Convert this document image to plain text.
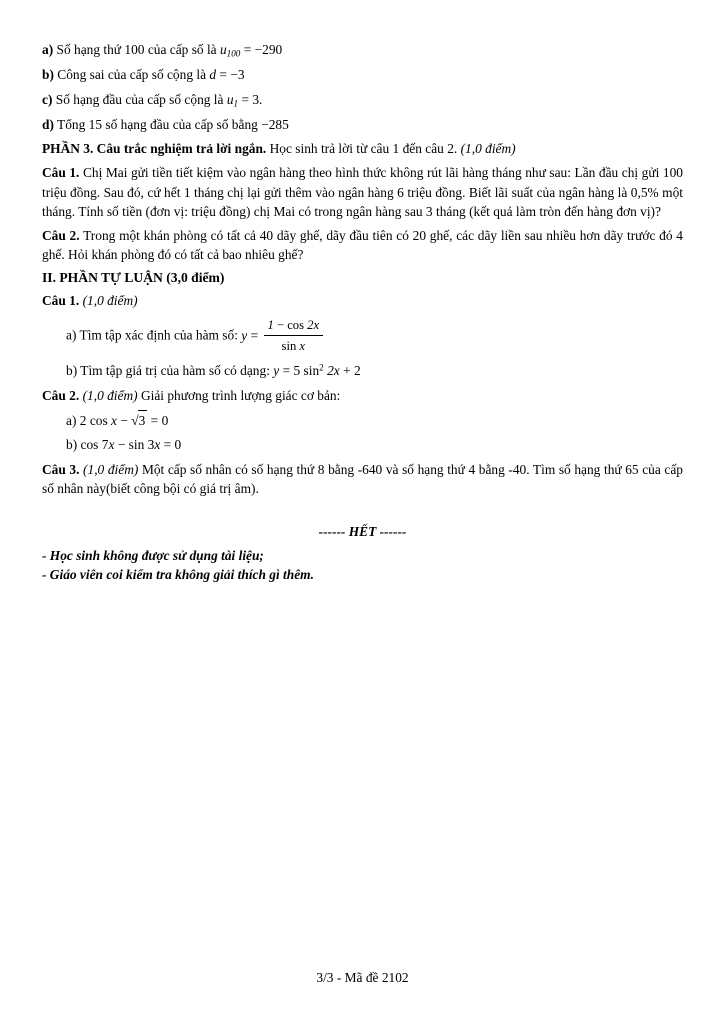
a) Số hạng thứ 100 của cấp số là $u_{100} = -290$

b) Công sai của cấp số cộng là d = −3

c) Số hạng đầu của cấp số cộng là $u_1 = 3$.

d) Tổng 15 số hạng đầu của cấp số bằng −285

PHẦN 3. Câu trắc nghiệm trả lời ngắn. Học sinh trả lời từ câu 1 đến câu 2. (1,0 điểm)

Câu 1. Chị Mai gửi tiền tiết kiệm vào ngân hàng theo hình thức không rút lãi hàng tháng như sau: Lần đầu chị gửi 100 triệu đồng. Sau đó, cứ hết 1 tháng chị lại gửi thêm vào ngân hàng 6 triệu đồng. Biết lãi suất của ngân hàng là 0,5% một tháng. Tính số tiền (đơn vị: triệu đồng) chị Mai có trong ngân hàng sau 3 tháng (kết quả làm tròn đến hàng đơn vị)?

Câu 2. Trong một khán phòng có tất cả 40 dãy ghế, dãy đầu tiên có 20 ghế, các dãy liền sau nhiều hơn dãy trước đó 4 ghế. Hỏi khán phòng đó có tất cả bao nhiêu ghế?

II. PHẦN TỰ LUẬN (3,0 điểm)

Câu 1. (1,0 điểm)

a) Tìm tập xác định của hàm số: $y = \frac{1 - \cos 2x}{\text{sin x}}$

b) Tìm tập giá trị của hàm số có dạng: y = 5 $\sin^2 2x + 2$

Câu 2. (1,0 điểm) Giải phương trình lượng giác cơ bản:

a) 2 cos x − √3 = 0

b) cos 7x − sin 3x = 0

Câu 3. (1,0 điểm) Một cấp số nhân có số hạng thứ 8 bằng -640 và số hạng thứ 4 bằng -40. Tìm số hạng thứ 65 của cấp số nhân này(biết công bội có giá trị âm).

------ HẾT ------

- Học sinh không được sử dụng tài liệu;

- Giáo viên coi kiểm tra không giải thích gì thêm.

3/3 - Mã đề 2102
